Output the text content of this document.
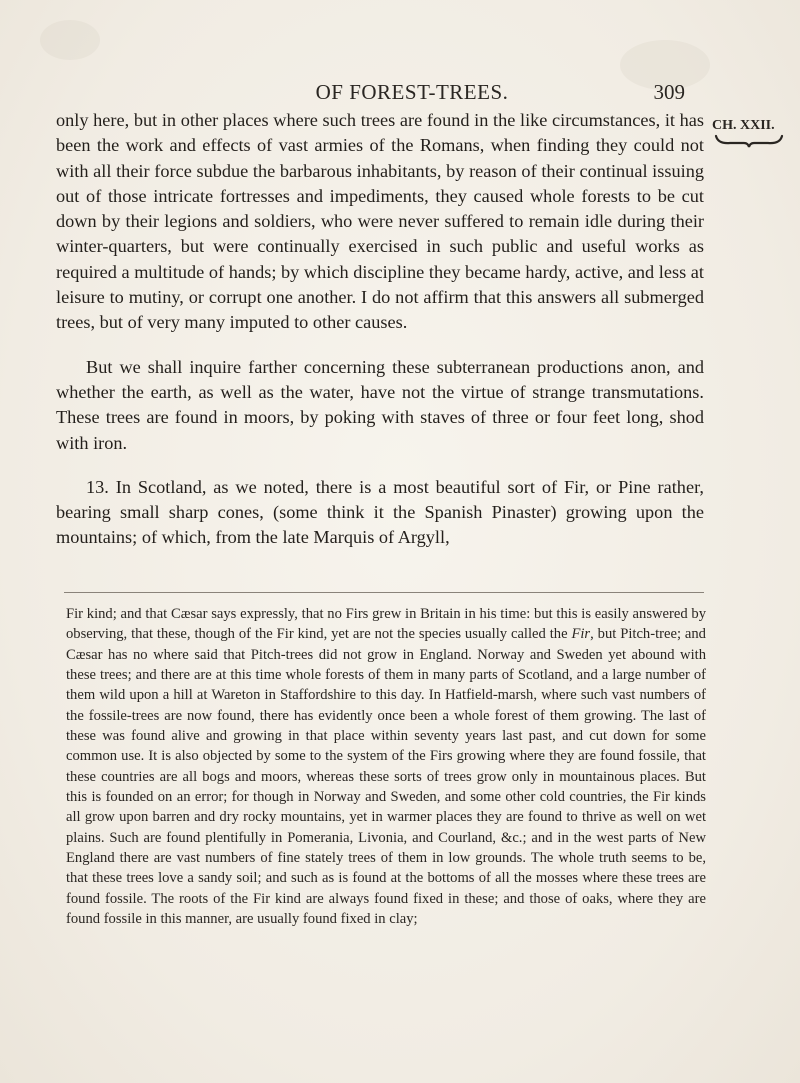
OF FOREST-TREES.	309
CH. XXII.

only here, but in other places where such trees are found in the like circumstances, it has been the work and effects of vast armies of the Romans, when finding they could not with all their force subdue the barbarous inhabitants, by reason of their continual issuing out of those intricate fortresses and impediments, they caused whole forests to be cut down by their legions and soldiers, who were never suffered to remain idle during their winter-quarters, but were continually exercised in such public and useful works as required a multitude of hands; by which discipline they became hardy, active, and less at leisure to mutiny, or corrupt one another. I do not affirm that this answers all submerged trees, but of very many imputed to other causes.

But we shall inquire farther concerning these subterranean productions anon, and whether the earth, as well as the water, have not the virtue of strange transmutations. These trees are found in moors, by poking with staves of three or four feet long, shod with iron.

13. In Scotland, as we noted, there is a most beautiful sort of Fir, or Pine rather, bearing small sharp cones, (some think it the Spanish Pinaster) growing upon the mountains; of which, from the late Marquis of Argyll,

Fir kind; and that Cæsar says expressly, that no Firs grew in Britain in his time: but this is easily answered by observing, that these, though of the Fir kind, yet are not the species usually called the Fir, but Pitch-tree; and Cæsar has no where said that Pitch-trees did not grow in England. Norway and Sweden yet abound with these trees; and there are at this time whole forests of them in many parts of Scotland, and a large number of them wild upon a hill at Wareton in Staffordshire to this day. In Hatfield-marsh, where such vast numbers of the fossile-trees are now found, there has evidently once been a whole forest of them growing. The last of these was found alive and growing in that place within seventy years last past, and cut down for some common use. It is also objected by some to the system of the Firs growing where they are found fossile, that these countries are all bogs and moors, whereas these sorts of trees grow only in mountainous places. But this is founded on an error; for though in Norway and Sweden, and some other cold countries, the Fir kinds all grow upon barren and dry rocky mountains, yet in warmer places they are found to thrive as well on wet plains. Such are found plentifully in Pomerania, Livonia, and Courland, &c.; and in the west parts of New England there are vast numbers of fine stately trees of them in low grounds. The whole truth seems to be, that these trees love a sandy soil; and such as is found at the bottoms of all the mosses where these trees are found fossile. The roots of the Fir kind are always found fixed in these; and those of oaks, where they are found fossile in this manner, are usually found fixed in clay;
